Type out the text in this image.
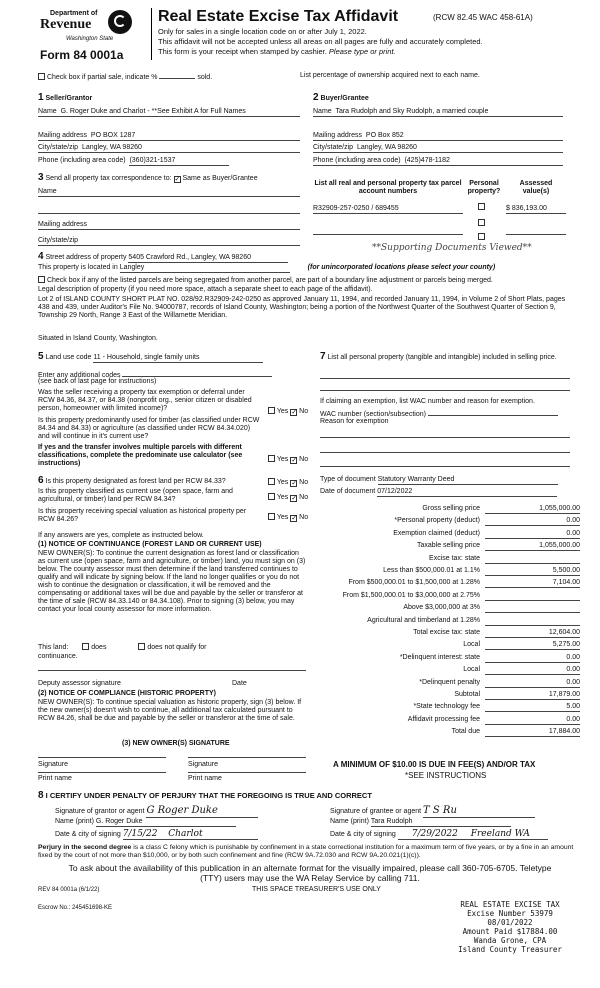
Department of
Revenue
Washington State
Form 84 0001a
Real Estate Excise Tax Affidavit	(RCW 82.45 WAC 458-61A)
Only for sales in a single location code on or after July 1, 2022.
This affidavit will not be accepted unless all areas on all pages are fully and accurately completed.
This form is your receipt when stamped by cashier. Please type or print.
Check box if partial sale, indicate %	sold.	List percentage of ownership acquired next to each name.
1 Seller/Grantor
Name G. Roger Duke and Charlot - **See Exhibit A for Full Names
Mailing address PO BOX 1287
City/state/zip Langley, WA 98260
Phone (including area code) (360)321-1537
2 Buyer/Grantee
Name Tara Rudolph and Sky Rudolph, a married couple
Mailing address PO Box 852
City/state/zip Langley, WA 98260
Phone (including area code) (425)478-1182
3 Send all property tax correspondence to: ✓ Same as Buyer/Grantee
Name
Mailing address
City/state/zip
List all real and personal property tax parcel account numbers
Personal property?
Assessed value(s)
R32909-257-0250 / 689455	$ 836,193.00
**Supporting Documents Viewed**
4 Street address of property 5405 Crawford Rd., Langley, WA 98260
This property is located in Langley	(for unincorporated locations please select your county)
Check box if any of the listed parcels are being segregated from another parcel, are part of a boundary line adjustment or parcels being merged.
Legal description of property (if you need more space, attach a separate sheet to each page of the affidavit).
Lot 2 of ISLAND COUNTY SHORT PLAT NO. 028/92.R32909-242-0250 as approved January 11, 1994, and recorded January 11, 1994, in Volume 2 of Short Plats, pages 438 and 439, under Auditor's File No. 94000787, records of Island County, Washington; being a portion of the Northwest Quarter of the Southwest Quarter of Section 9, Township 29 North, Range 3 East of the Willamette Meridian.
Situated in Island County, Washington.
5 Land use code 11 - Household, single family units
Enter any additional codes
(see back of last page for instructions)
Was the seller receiving a property tax exemption or deferral under RCW 84.36, 84.37, or 84.38 (nonprofit org., senior citizen or disabled person, homeowner with limited income)?	Yes ✓ No
Is this property predominantly used for timber (as classified under RCW 84.34 and 84.33) or agriculture (as classified under RCW 84.34.020) and will continue in it's current use?
If yes and the transfer involves multiple parcels with different classifications, complete the predominate use calculator (see instructions)
Yes ✓ No
7 List all personal property (tangible and intangible) included in selling price.
If claiming an exemption, list WAC number and reason for exemption.
WAC number (section/subsection)
Reason for exemption
6 Is this property designated as forest land per RCW 84.33?	Yes ✓ No
Is this property classified as current use (open space, farm and agricultural, or timber) land per RCW 84.34?	Yes ✓ No
Is this property receiving special valuation as historical property per RCW 84.26?	Yes ✓ No
If any answers are yes, complete as instructed below.
(1) NOTICE OF CONTINUANCE (FOREST LAND OR CURRENT USE)
NEW OWNER(S): To continue the current designation as forest land or classification as current use (open space, farm and agriculture, or timber) land, you must sign on (3) below. The county assessor must then determine if the land transferred continues to qualify and will indicate by signing below. If the land no longer qualifies or you do not wish to continue the designation or classification, it will be removed and the compensating or additional taxes will be due and payable by the seller or transferor at the time of sale (RCW 84.33.140 or 84.34.108). Prior to signing (3) below, you may contact your local county assessor for more information.
This land:	does	does not qualify for
continuance.
Deputy assessor signature	Date
(2) NOTICE OF COMPLIANCE (HISTORIC PROPERTY)
NEW OWNER(S): To continue special valuation as historic property, sign (3) below. If the new owner(s) doesn't wish to continue, all additional tax calculated pursuant to RCW 84.26, shall be due and payable by the seller or transferor at the time of sale.
(3) NEW OWNER(S) SIGNATURE
Signature	Signature
Print name	Print name
Type of document Statutory Warranty Deed
Date of document 07/12/2022
Gross selling price	1,055,000.00
*Personal property (deduct)	0.00
Exemption claimed (deduct)	0.00
Taxable selling price	1,055,000.00
Excise tax: state
Less than $500,000.01 at 1.1%	5,500.00
From $500,000.01 to $1,500,000 at 1.28%	7,104.00
From $1,500,000.01 to $3,000,000 at 2.75%
Above $3,000,000 at 3%
Agricultural and timberland at 1.28%
Total excise tax: state	12,604.00
Local	5,275.00
*Delinquent interest: state	0.00
Local	0.00
*Delinquent penalty	0.00
Subtotal	17,879.00
*State technology fee	5.00
Affidavit processing fee	0.00
Total due	17,884.00
A MINIMUM OF $10.00 IS DUE IN FEE(S) AND/OR TAX
*SEE INSTRUCTIONS
8 I CERTIFY UNDER PENALTY OF PERJURY THAT THE FOREGOING IS TRUE AND CORRECT
Signature of grantor or agent G Roger Duke
Name (print) G. Roger Duke
Date & city of signing 7/15/22 Charlot
Signature of grantee or agent T S Ru
Name (print) Tara Rudolph
Date & city of signing 7/29/2022 Freeland WA
Perjury in the second degree is a class C felony which is punishable by confinement in a state correctional institution for a maximum term of five years, or by a fine in an amount fixed by the court of not more than $10,000, or by both such confinement and fine (RCW 9A.72.030 and RCW 9A.20.021(1)(c)).
To ask about the availability of this publication in an alternate format for the visually impaired, please call 360-705-6705. Teletype (TTY) users may use the WA Relay Service by calling 711.
REV 84 0001a (6/1/22)	THIS SPACE TREASURER'S USE ONLY
Escrow No.: 245451698-KE	REAL ESTATE EXCISE TAX
Excise Number 53979
08/01/2022
Amount Paid $17884.00
Wanda Grone, CPA
Island County Treasurer
